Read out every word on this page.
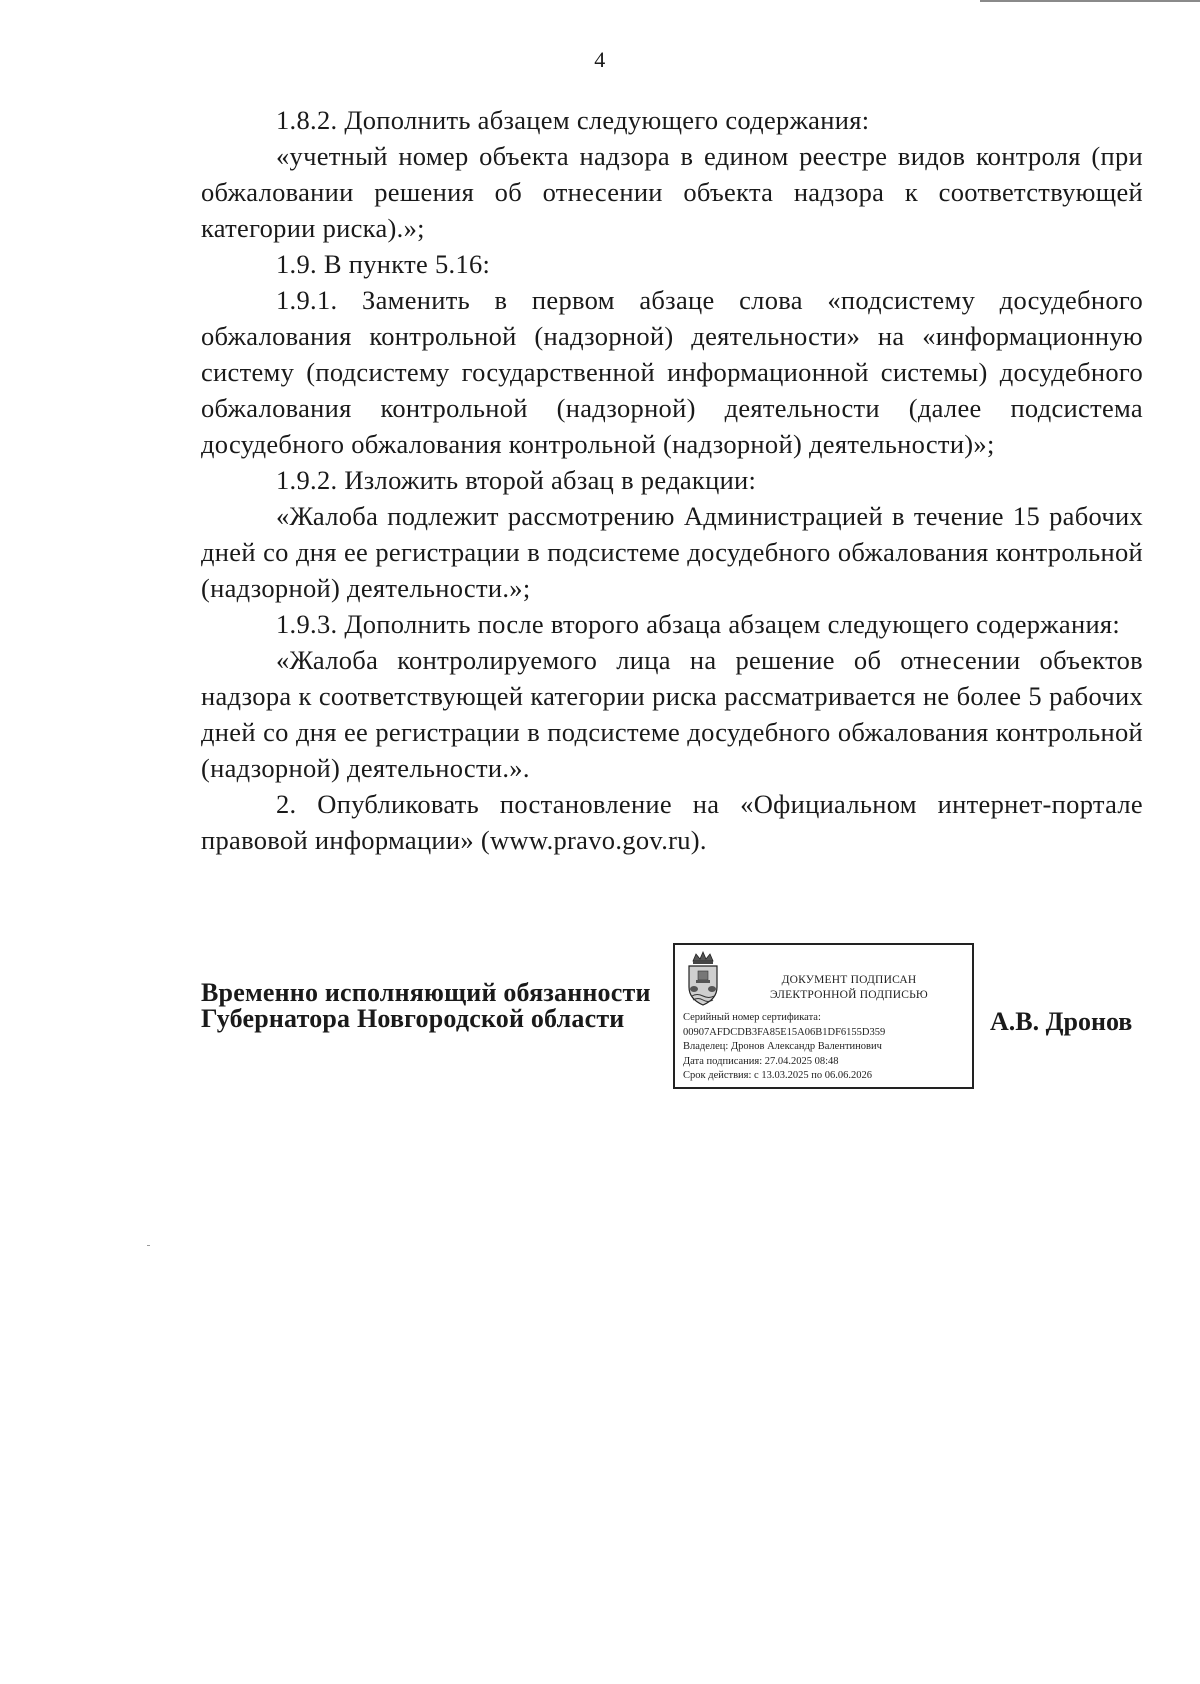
4

1.8.2. Дополнить абзацем следующего содержания:

«учетный номер объекта надзора в едином реестре видов контроля (при обжаловании решения об отнесении объекта надзора к соответствующей категории риска).»;

1.9. В пункте 5.16:

1.9.1. Заменить в первом абзаце слова «подсистему досудебного обжалования контрольной (надзорной) деятельности» на «информационную систему (подсистему государственной информационной системы) досудебного обжалования контрольной (надзорной) деятельности (далее подсистема досудебного обжалования контрольной (надзорной) деятельности)»;

1.9.2. Изложить второй абзац в редакции:

«Жалоба подлежит рассмотрению Администрацией в течение 15 рабочих дней со дня ее регистрации в подсистеме досудебного обжалования контрольной (надзорной) деятельности.»;

1.9.3. Дополнить после второго абзаца абзацем следующего содержания:

«Жалоба контролируемого лица на решение об отнесении объектов надзора к соответствующей категории риска рассматривается не более 5 рабочих дней со дня ее регистрации в подсистеме досудебного обжалования контрольной (надзорной) деятельности.».

2. Опубликовать постановление на «Официальном интернет-портале правовой информации» (www.pravo.gov.ru).

Временно исполняющий обязанности
Губернатора Новгородской области
ДОКУМЕНТ ПОДПИСАН
ЭЛЕКТРОННОЙ ПОДПИСЬЮ
Серийный номер сертификата:
00907AFDCDB3FA85E15A06B1DF6155D359
Владелец: Дронов Александр Валентинович
Дата подписания: 27.04.2025 08:48
Срок действия: с 13.03.2025 по 06.06.2026
А.В. Дронов
